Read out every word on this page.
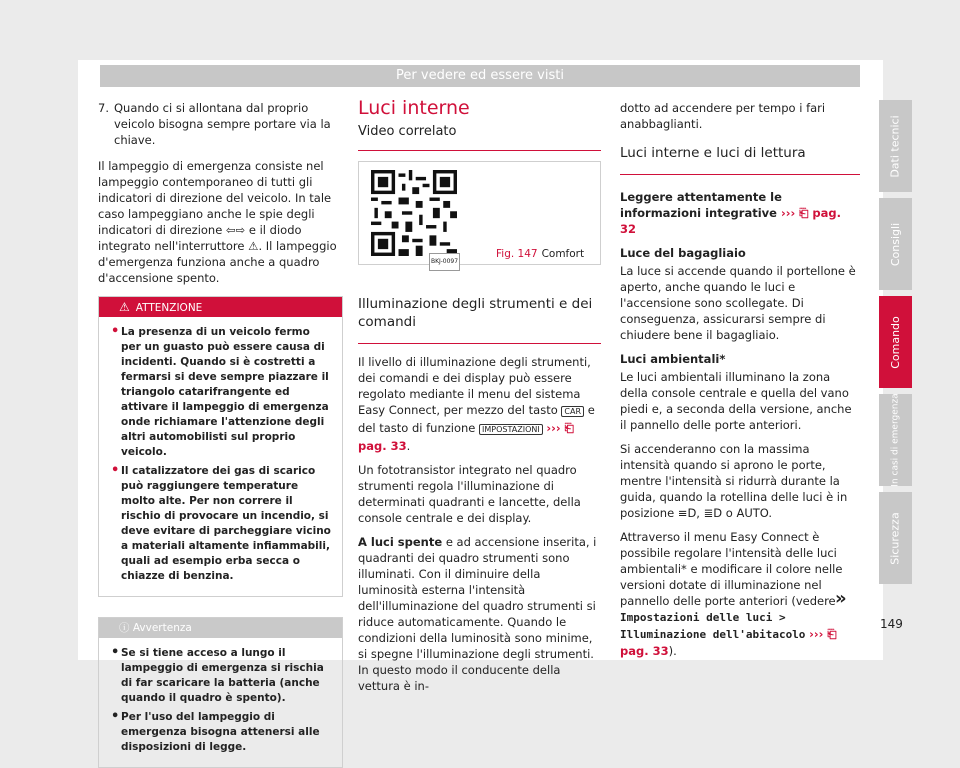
Per vedere ed essere visti
7. Quando ci si allontana dal proprio veicolo bisogna sempre portare via la chiave.

Il lampeggio di emergenza consiste nel lampeggio contemporaneo di tutti gli indicatori di direzione del veicolo. In tale caso lampeggiano anche le spie degli indicatori di direzione ⇦⇨ e il diodo integrato nell'interruttore ⚠. Il lampeggio d'emergenza funziona anche a quadro d'accensione spento.

⚠ ATTENZIONE
• La presenza di un veicolo fermo per un guasto può essere causa di incidenti. Quando si è costretti a fermarsi si deve sempre piazzare il triangolo catarifrangente ed attivare il lampeggio di emergenza onde richiamare l'attenzione degli altri automobilisti sul proprio veicolo.
• Il catalizzatore dei gas di scarico può raggiungere temperature molto alte. Per non correre il rischio di provocare un incendio, si deve evitare di parcheggiare vicino a materiali altamente infiammabili, quali ad esempio erba secca o chiazze di benzina.
ⓘ Avvertenza
• Se si tiene acceso a lungo il lampeggio di emergenza si rischia di far scaricare la batteria (anche quando il quadro è spento).
• Per l'uso del lampeggio di emergenza bisogna attenersi alle disposizioni di legge.
Luci interne
Video correlato
BKJ-0097
Fig. 147 Comfort
Illuminazione degli strumenti e dei comandi

Il livello di illuminazione degli strumenti, dei comandi e dei display può essere regolato mediante il menu del sistema Easy Connect, per mezzo del tasto CAR e del tasto di funzione IMPOSTAZIONI ››› ⎗ pag. 33.

Un fototransistor integrato nel quadro strumenti regola l'illuminazione di determinati quadranti e lancette, della console centrale e dei display.

A luci spente e ad accensione inserita, i quadranti dei quadro strumenti sono illuminati. Con il diminuire della luminosità esterna l'intensità dell'illuminazione del quadro strumenti si riduce automaticamente. Quando le condizioni della luminosità sono minime, si spegne l'illuminazione degli strumenti. In questo modo il conducente della vettura è in-

dotto ad accendere per tempo i fari anabbaglianti.

Luci interne e luci di lettura

Leggere attentamente le informazioni integrative ››› ⎗ pag. 32

Luce del bagagliaio

La luce si accende quando il portellone è aperto, anche quando le luci e l'accensione sono scollegate. Di conseguenza, assicurarsi sempre di chiudere bene il bagagliaio.

Luci ambientali*

Le luci ambientali illuminano la zona della console centrale e quella del vano piedi e, a seconda della versione, anche il pannello delle porte anteriori.

Si accenderanno con la massima intensità quando si aprono le porte, mentre l'intensità si ridurrà durante la guida, quando la rotellina delle luci è in posizione ≡D, ≣D o AUTO.

Attraverso il menu Easy Connect è possibile regolare l'intensità delle luci ambientali* e modificare il colore nelle versioni dotate di illuminazione nel pannello delle porte anteriori (vedere Impostazioni delle luci > Illuminazione dell'abitacolo ››› ⎗ pag. 33).

»
149
Dati tecnici
Consigli
Comando
In casi di emergenza
Sicurezza
